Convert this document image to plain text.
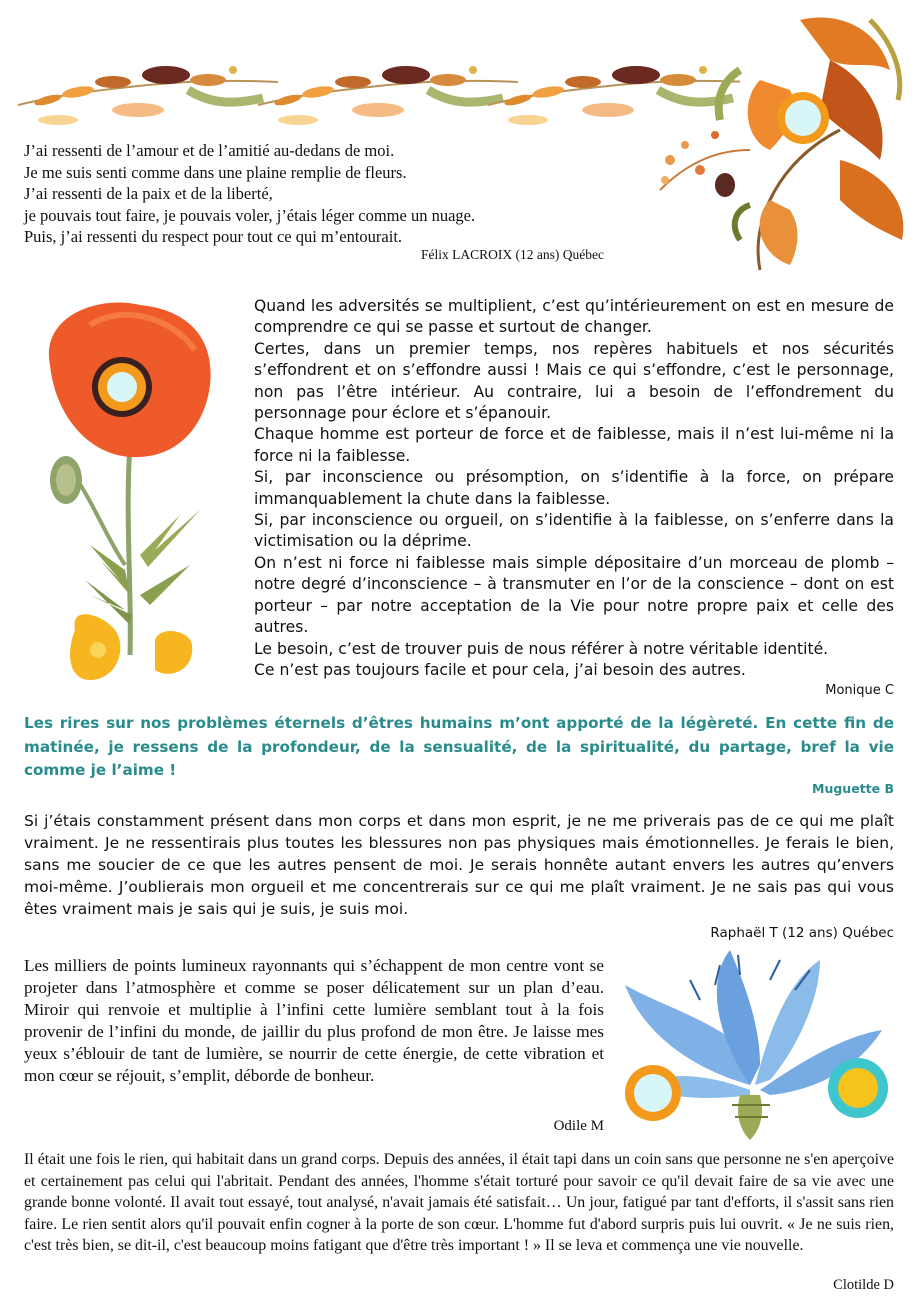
J’ai ressenti de l’amour et de l’amitié au-dedans de moi.
Je me suis senti comme dans une plaine remplie de fleurs.
J’ai ressenti de la paix et de la liberté,
je pouvais tout faire, je pouvais voler, j’étais léger comme un nuage.
Puis, j’ai ressenti du respect pour tout ce qui m’entourait.
Félix LACROIX (12 ans) Québec

Quand les adversités se multiplient, c’est qu’intérieurement on est en mesure de comprendre ce qui se passe et surtout de changer.

Certes, dans un premier temps, nos repères habituels et nos sécurités s’effondrent et on s’effondre aussi ! Mais ce qui s’effondre, c’est le personnage, non pas l’être intérieur. Au contraire, lui a besoin de l’effondrement du personnage pour éclore et s’épanouir.

Chaque homme est porteur de force et de faiblesse, mais il n’est lui-même ni la force ni la faiblesse.

Si, par inconscience ou présomption, on s’identifie à la force, on prépare immanquablement la chute dans la faiblesse.

Si, par inconscience ou orgueil, on s’identifie à la faiblesse, on s’enferre dans la victimisation ou la déprime.

On n’est ni force ni faiblesse mais simple dépositaire d’un morceau de plomb – notre degré d’inconscience – à transmuter en l’or de la conscience – dont on est porteur – par notre acceptation de la Vie pour notre propre paix et celle des autres.

Le besoin, c’est de trouver puis de nous référer à notre véritable identité.

Ce n’est pas toujours facile et pour cela, j’ai besoin des autres.

Monique C
Les rires sur nos problèmes éternels d’êtres humains m’ont apporté de la légèreté. En cette fin de matinée, je ressens de la profondeur, de la sensualité, de la spiritualité, du partage, bref la vie comme je l’aime !
Muguette B
Si j’étais constamment présent dans mon corps et dans mon esprit, je ne me priverais pas de ce qui me plaît vraiment. Je ne ressentirais plus toutes les blessures non pas physiques mais émotionnelles. Je ferais le bien, sans me soucier de ce que les autres pensent de moi. Je serais honnête autant envers les autres qu’envers moi-même. J’oublierais mon orgueil et me concentrerais sur ce qui me plaît vraiment. Je ne sais pas qui vous êtes vraiment mais je sais qui je suis, je suis moi.
Raphaël T (12 ans) Québec
Les milliers de points lumineux rayonnants qui s’échappent de mon centre vont se projeter dans l’atmosphère et comme se poser délicatement sur un plan d’eau. Miroir qui renvoie et multiplie à l’infini cette lumière semblant tout à la fois provenir de l’infini du monde, de jaillir du plus profond de mon être. Je laisse mes yeux s’éblouir de tant de lumière, se nourrir de cette énergie, de cette vibration et mon cœur se réjouit, s’emplit, déborde de bonheur.
Odile M
Il était une fois le rien, qui habitait dans un grand corps. Depuis des années, il était tapi dans un coin sans que personne ne s'en aperçoive et certainement pas celui qui l'abritait. Pendant des années, l'homme s'était torturé pour savoir ce qu'il devait faire de sa vie avec une grande bonne volonté. Il avait tout essayé, tout analysé, n'avait jamais été satisfait… Un jour, fatigué par tant d'efforts, il s'assit sans rien faire. Le rien sentit alors qu'il pouvait enfin cogner à la porte de son cœur. L'homme fut d'abord surpris puis lui ouvrit. « Je ne suis rien, c'est très bien, se dit-il, c'est beaucoup moins fatigant que d'être très important ! » Il se leva et commença une vie nouvelle.
Clotilde D
